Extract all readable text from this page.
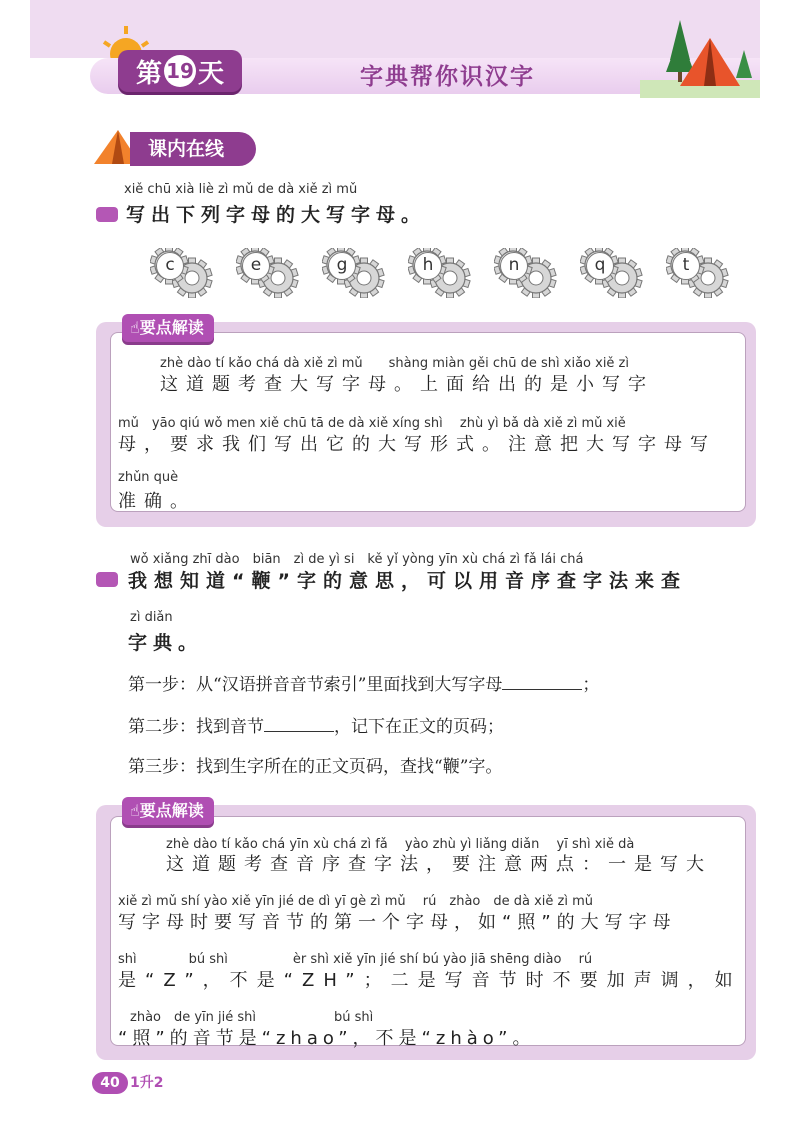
第 19 天	字典帮你识汉字
课内在线
xiě chū xià liè zì mǔ de dà xiě zì mǔ
写出下列字母的大写字母。
c	e	g	h	n	q	t
☝要点解读
zhè dào tí kǎo chá dà xiě zì mǔ　　shàng miàn gěi chū de shì xiǎo xiě zì
这道题考查大写字母。上面给出的是小写字
mǔ　yāo qiú wǒ men xiě chū tā de dà xiě xíng shì　 zhù yì bǎ dà xiě zì mǔ xiě
母，要求我们写出它的大写形式。注意把大写字母写
zhǔn què
准确。
wǒ xiǎng zhī dào　biān　zì de yì si　kě yǐ yòng yīn xù chá zì fǎ lái chá
我想知道“鞭”字的意思，可以用音序查字法来查
zì diǎn
字典。
第一步：从“汉语拼音音节索引”里面找到大写字母	；
第二步：找到音节	，记下在正文的页码；
第三步：找到生字所在的正文页码，查找“鞭”字。
☝要点解读
zhè dào tí kǎo chá yīn xù chá zì fǎ　 yào zhù yì liǎng diǎn　 yī shì xiě dà
这道题考查音序查字法，要注意两点：一是写大
xiě zì mǔ shí yào xiě yīn jié de dì yī gè zì mǔ　 rú　zhào　de dà xiě zì mǔ
写字母时要写音节的第一个字母，如“照”的大写字母
shì　　　　bú shì　　　　　èr shì xiě yīn jié shí bú yào jiā shēng diào　 rú
是“Z”，不是“ZH”；二是写音节时不要加声调，如
zhào　de yīn jié shì　　　　　　bú shì
“照”的音节是“zhao”，不是“zhào”。
40 1升2
